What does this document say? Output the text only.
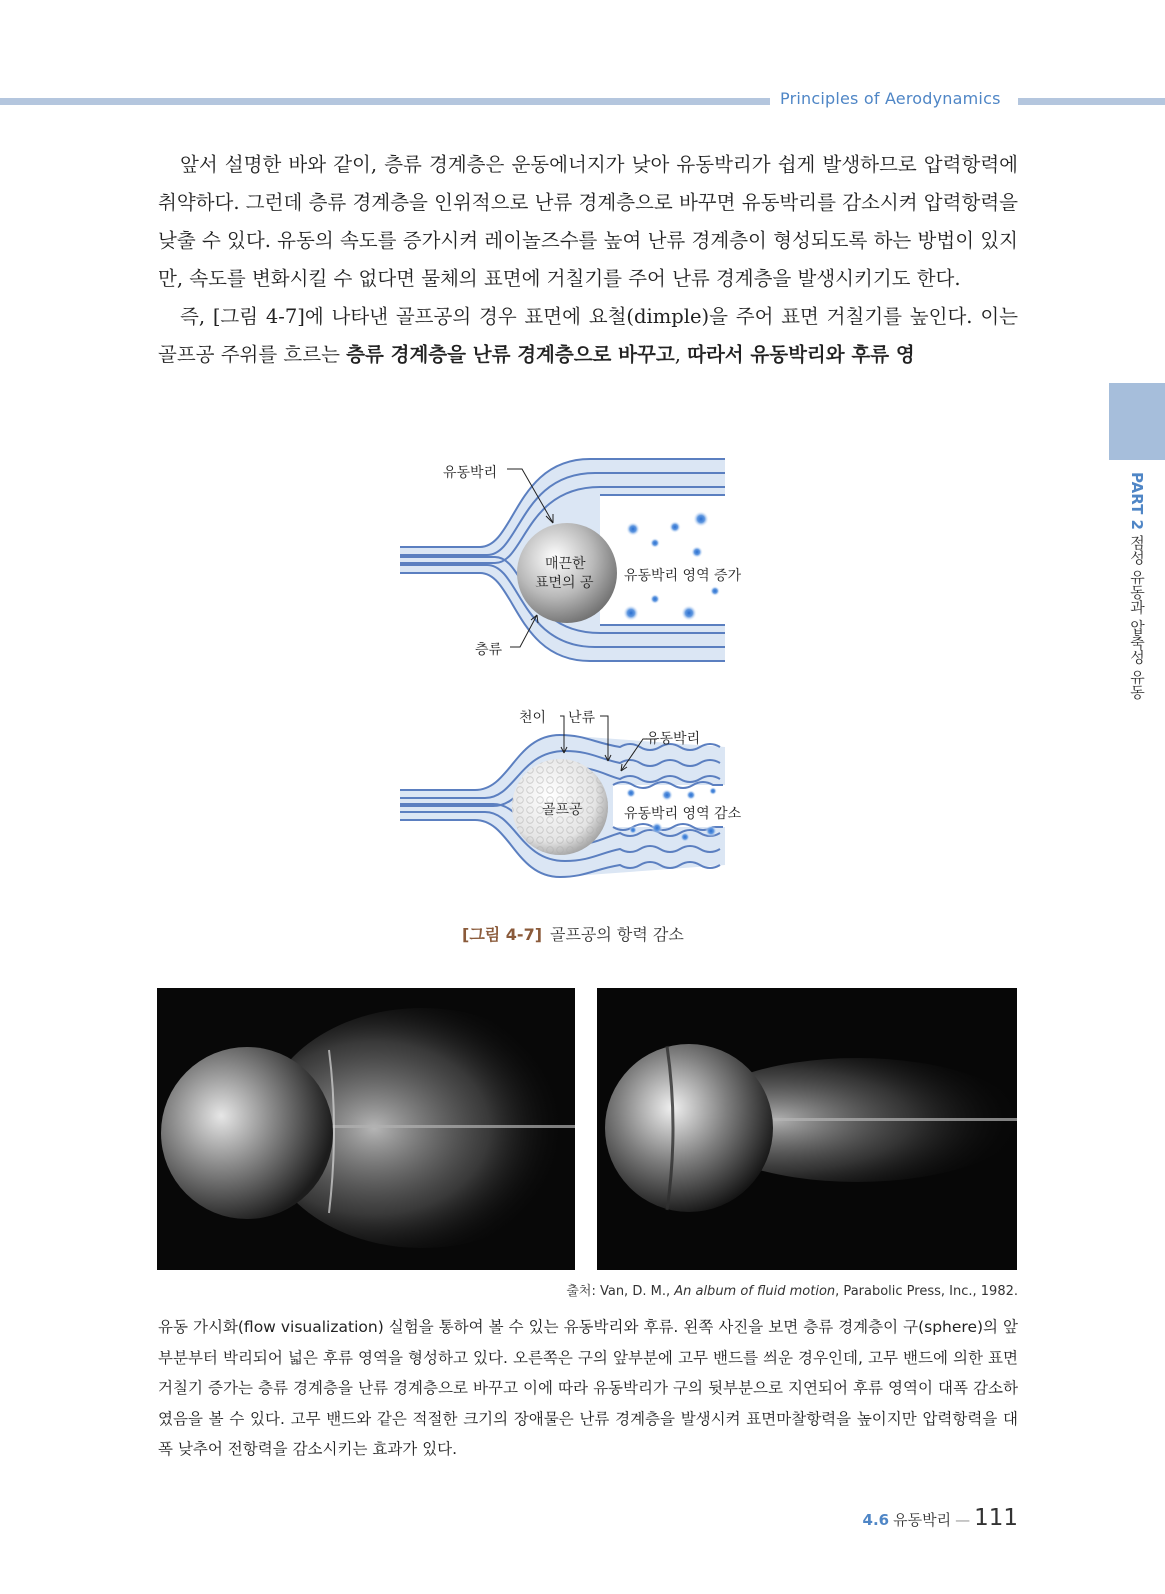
Principles of Aerodynamics
PART 2 점성 유동과 압축성 유동

앞서 설명한 바와 같이, 층류 경계층은 운동에너지가 낮아 유동박리가 쉽게 발생하므로 압력항력에 취약하다. 그런데 층류 경계층을 인위적으로 난류 경계층으로 바꾸면 유동박리를 감소시켜 압력항력을 낮출 수 있다. 유동의 속도를 증가시켜 레이놀즈수를 높여 난류 경계층이 형성되도록 하는 방법이 있지만, 속도를 변화시킬 수 없다면 물체의 표면에 거칠기를 주어 난류 경계층을 발생시키기도 한다.

즉, [그림 4-7]에 나타낸 골프공의 경우 표면에 요철(dimple)을 주어 표면 거칠기를 높인다. 이는 골프공 주위를 흐르는 층류 경계층을 난류 경계층으로 바꾸고, 따라서 유동박리와 후류 영

유동박리
매끈한
표면의 공 유동박리 영역 증가
층류
천이 난류
유동박리
골프공	유동박리 영역 감소
[그림 4-7] 골프공의 항력 감소
출처: Van, D. M., An album of fluid motion, Parabolic Press, Inc., 1982.
유동 가시화(flow visualization) 실험을 통하여 볼 수 있는 유동박리와 후류. 왼쪽 사진을 보면 층류 경계층이 구(sphere)의 앞부분부터 박리되어 넓은 후류 영역을 형성하고 있다. 오른쪽은 구의 앞부분에 고무 밴드를 씌운 경우인데, 고무 밴드에 의한 표면 거칠기 증가는 층류 경계층을 난류 경계층으로 바꾸고 이에 따라 유동박리가 구의 뒷부분으로 지연되어 후류 영역이 대폭 감소하였음을 볼 수 있다. 고무 밴드와 같은 적절한 크기의 장애물은 난류 경계층을 발생시켜 표면마찰항력을 높이지만 압력항력을 대폭 낮추어 전항력을 감소시키는 효과가 있다.
4.6 유동박리 — 111
